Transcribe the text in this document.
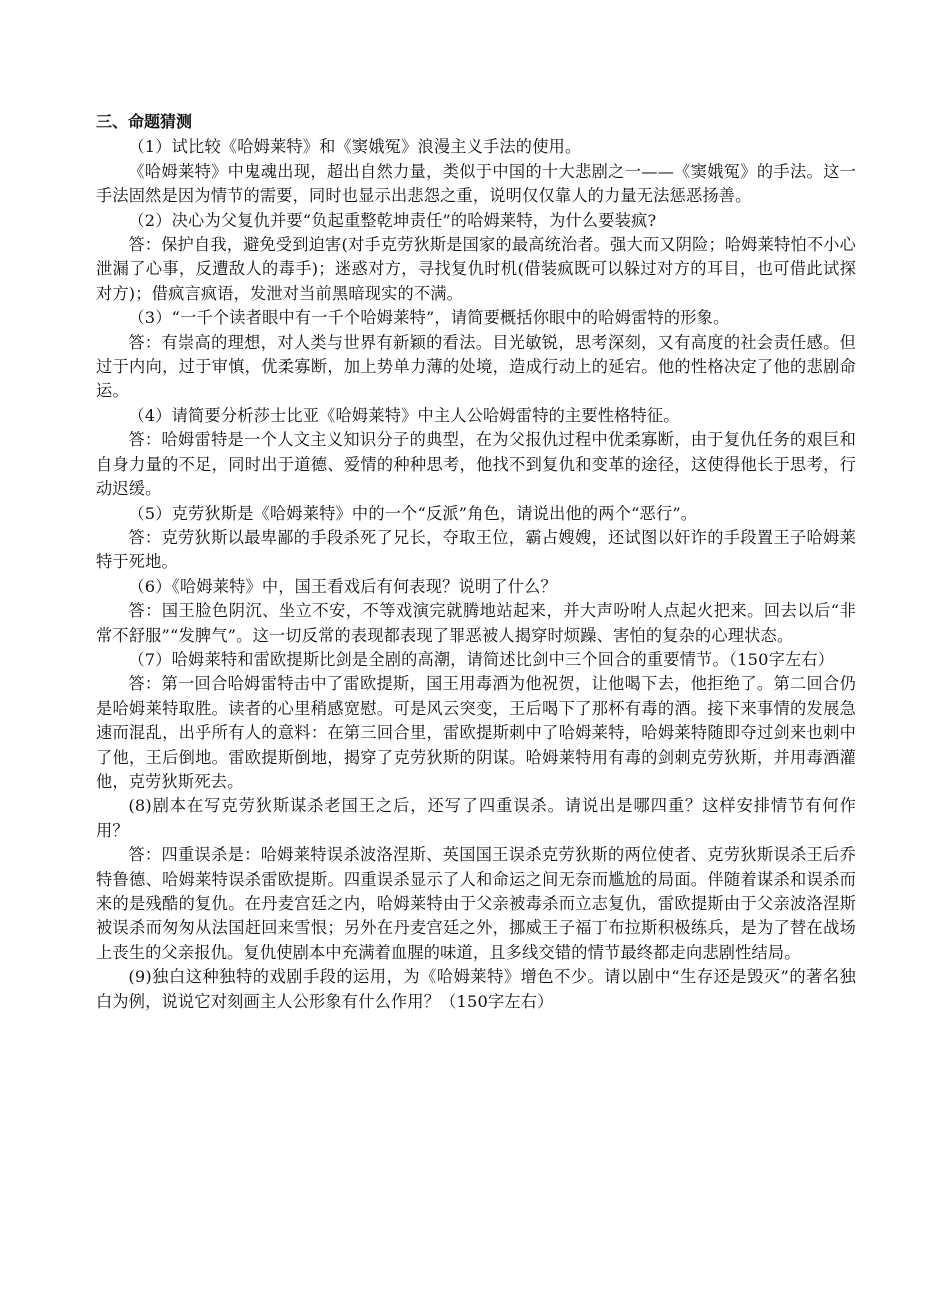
三、命题猜测

（1）试比较《哈姆莱特》和《窦娥冤》浪漫主义手法的使用。

《哈姆莱特》中鬼魂出现，超出自然力量，类似于中国的十大悲剧之一——《窦娥冤》的手法。这一手法固然是因为情节的需要，同时也显示出悲怨之重，说明仅仅靠人的力量无法惩恶扬善。

（2）决心为父复仇并要“负起重整乾坤责任”的哈姆莱特，为什么要装疯?

答：保护自我，避免受到迫害(对手克劳狄斯是国家的最高统治者。强大而又阴险；哈姆莱特怕不小心泄漏了心事，反遭敌人的毒手)；迷惑对方，寻找复仇时机(借装疯既可以躲过对方的耳目，也可借此试探对方)；借疯言疯语，发泄对当前黑暗现实的不满。

（3）“一千个读者眼中有一千个哈姆莱特”，请简要概括你眼中的哈姆雷特的形象。

答：有崇高的理想，对人类与世界有新颖的看法。目光敏锐，思考深刻，又有高度的社会责任感。但过于内向，过于审慎，优柔寡断，加上势单力薄的处境，造成行动上的延宕。他的性格决定了他的悲剧命运。

（4）请简要分析莎士比亚《哈姆莱特》中主人公哈姆雷特的主要性格特征。

答：哈姆雷特是一个人文主义知识分子的典型，在为父报仇过程中优柔寡断，由于复仇任务的艰巨和自身力量的不足，同时出于道德、爱情的种种思考，他找不到复仇和变革的途径，这使得他长于思考，行动迟缓。

（5）克劳狄斯是《哈姆莱特》中的一个“反派”角色，请说出他的两个“恶行”。

答：克劳狄斯以最卑鄙的手段杀死了兄长，夺取王位，霸占嫂嫂，还试图以奸诈的手段置王子哈姆莱特于死地。

（6）《哈姆莱特》中，国王看戏后有何表现？说明了什么？

答：国王脸色阴沉、坐立不安，不等戏演完就腾地站起来，并大声吩咐人点起火把来。回去以后“非常不舒服”“发脾气”。这一切反常的表现都表现了罪恶被人揭穿时烦躁、害怕的复杂的心理状态。

（7）哈姆莱特和雷欧提斯比剑是全剧的高潮，请简述比剑中三个回合的重要情节。（150字左右）

答：第一回合哈姆雷特击中了雷欧提斯，国王用毒酒为他祝贺，让他喝下去，他拒绝了。第二回合仍是哈姆莱特取胜。读者的心里稍感宽慰。可是风云突变，王后喝下了那杯有毒的酒。接下来事情的发展急速而混乱，出乎所有人的意料：在第三回合里，雷欧提斯刺中了哈姆莱特，哈姆莱特随即夺过剑来也刺中了他，王后倒地。雷欧提斯倒地，揭穿了克劳狄斯的阴谋。哈姆莱特用有毒的剑刺克劳狄斯，并用毒酒灌他，克劳狄斯死去。

(8)剧本在写克劳狄斯谋杀老国王之后，还写了四重误杀。请说出是哪四重？这样安排情节有何作用？

答：四重误杀是：哈姆莱特误杀波洛涅斯、英国国王误杀克劳狄斯的两位使者、克劳狄斯误杀王后乔特鲁德、哈姆莱特误杀雷欧提斯。四重误杀显示了人和命运之间无奈而尴尬的局面。伴随着谋杀和误杀而来的是残酷的复仇。在丹麦宫廷之内，哈姆莱特由于父亲被毒杀而立志复仇，雷欧提斯由于父亲波洛涅斯被误杀而匆匆从法国赶回来雪恨；另外在丹麦宫廷之外，挪威王子福丁布拉斯积极练兵，是为了替在战场上丧生的父亲报仇。复仇使剧本中充满着血腥的味道，且多线交错的情节最终都走向悲剧性结局。

(9)独白这种独特的戏剧手段的运用，为《哈姆莱特》增色不少。请以剧中“生存还是毁灭”的著名独白为例，说说它对刻画主人公形象有什么作用？（150字左右）
